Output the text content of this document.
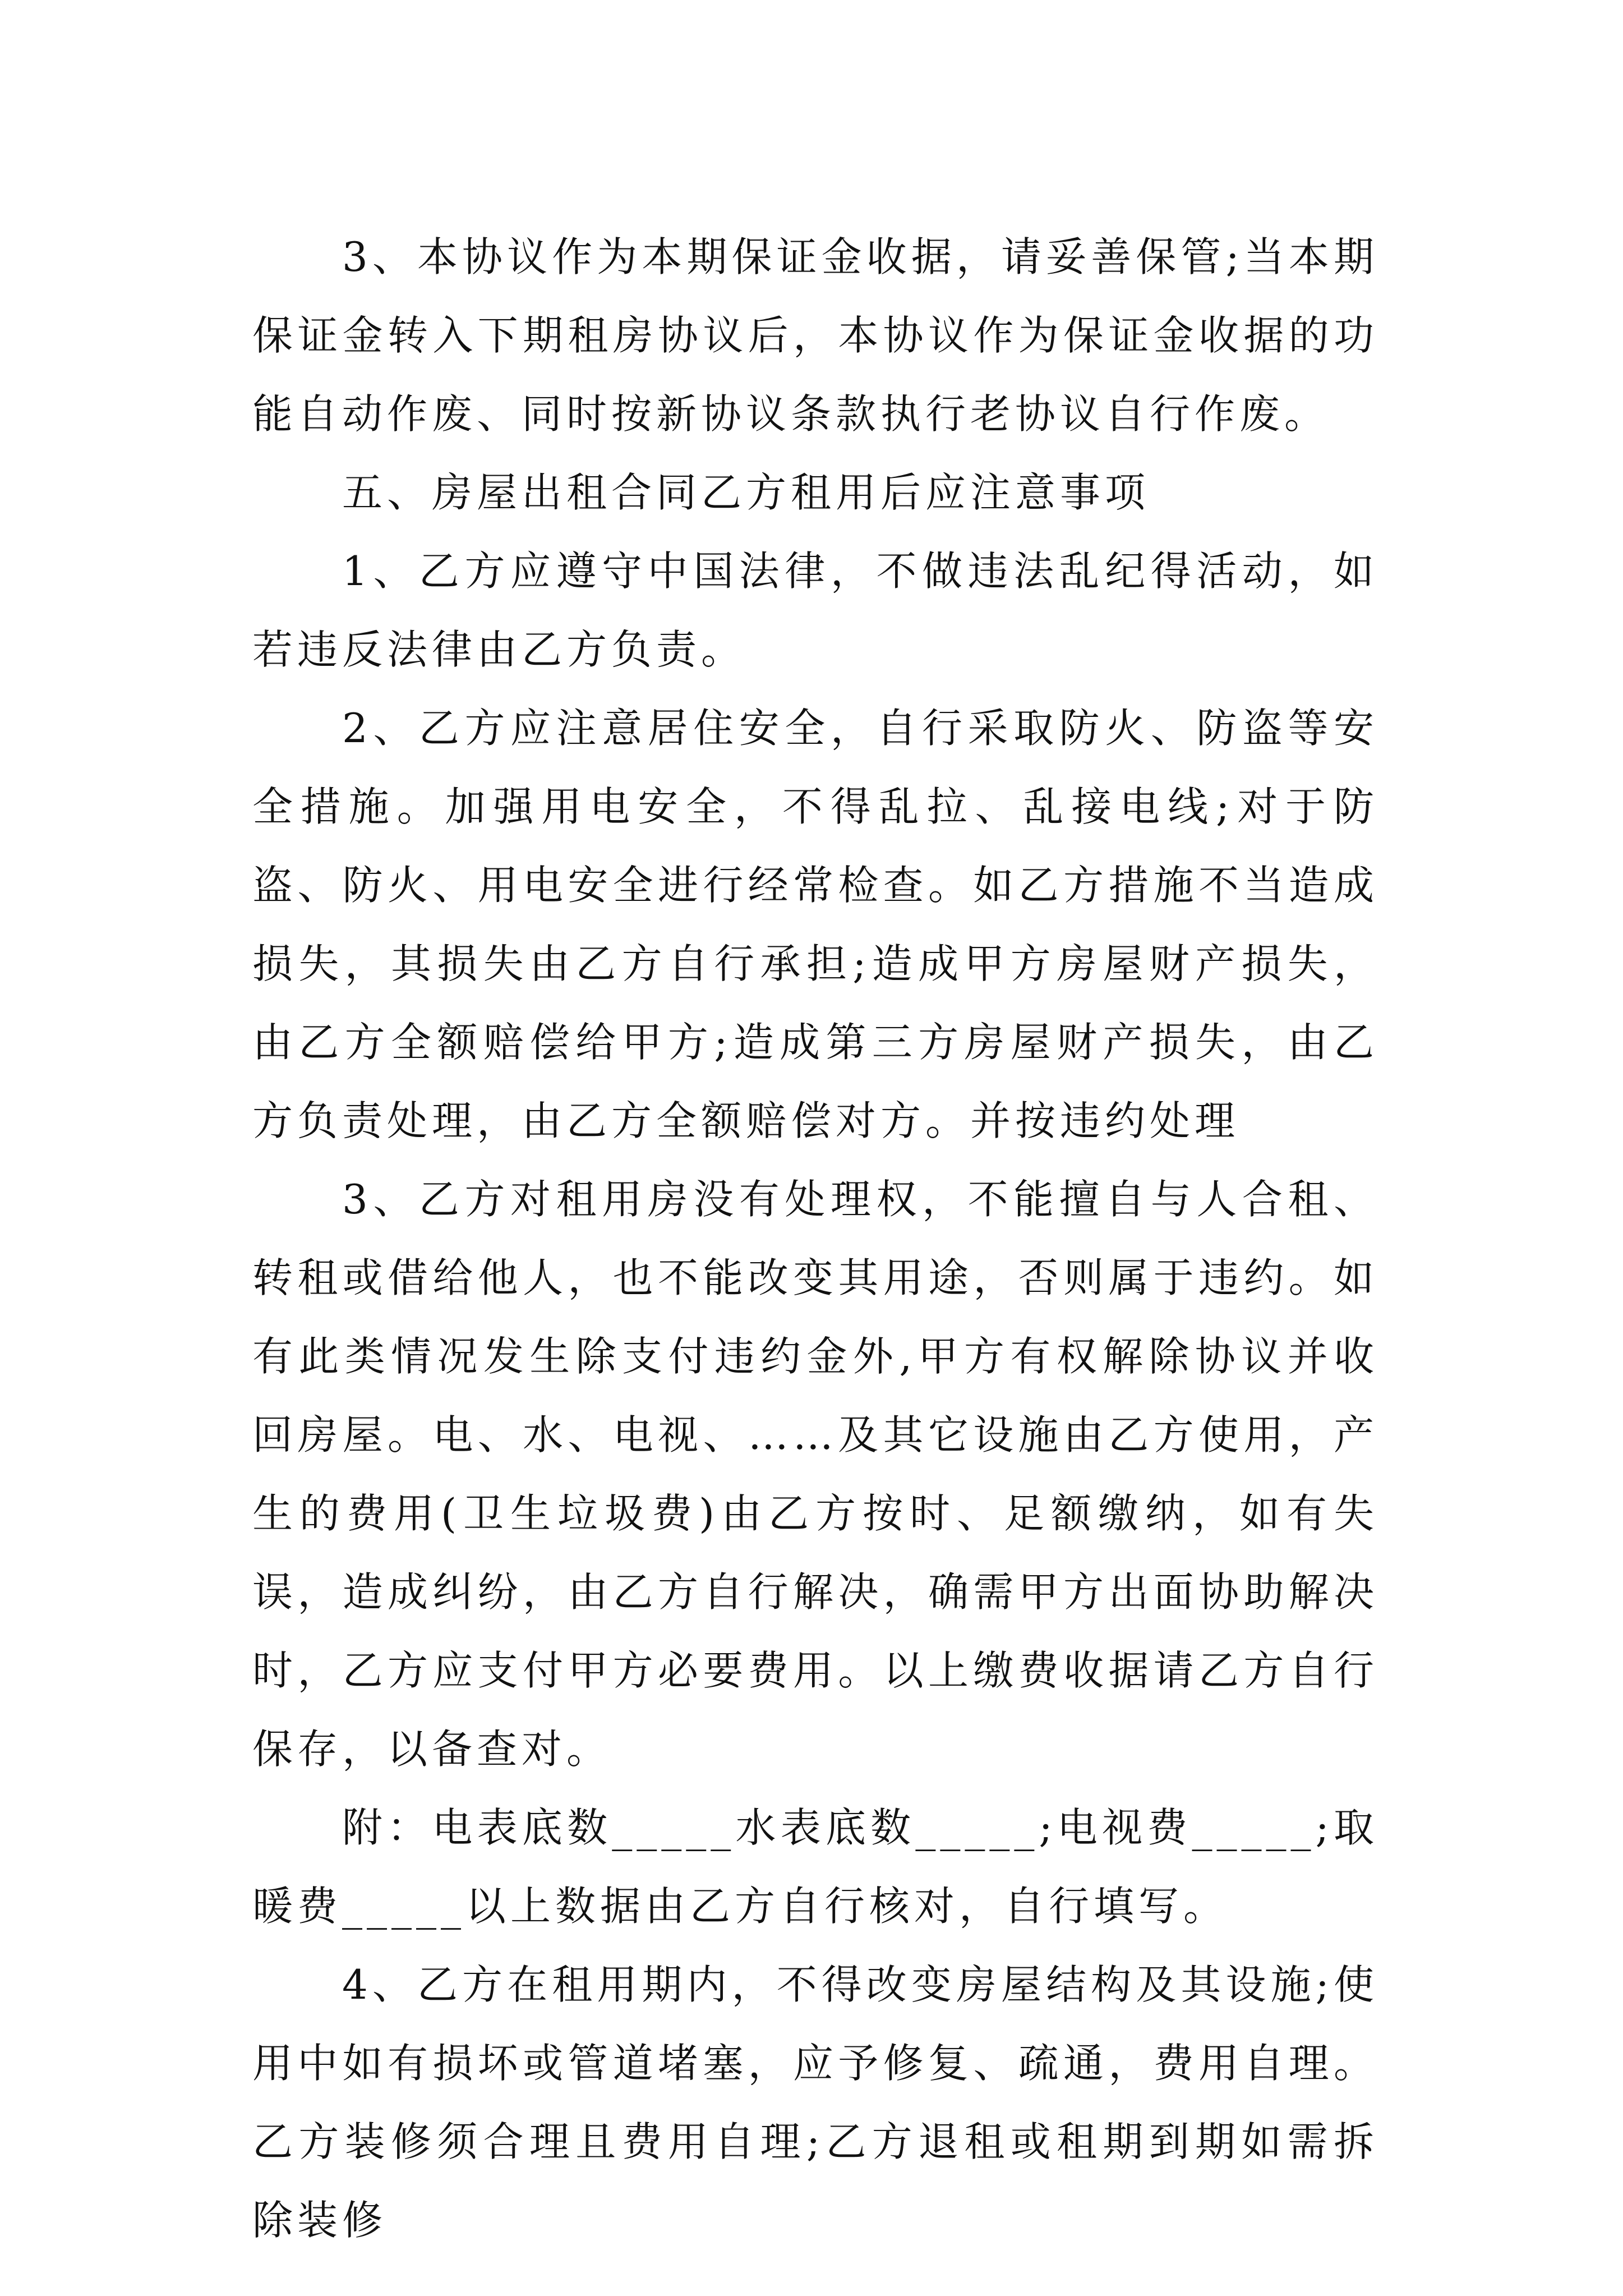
3、本协议作为本期保证金收据，请妥善保管;当本期保证金转入下期租房协议后，本协议作为保证金收据的功能自动作废、同时按新协议条款执行老协议自行作废。

五、房屋出租合同乙方租用后应注意事项

1、乙方应遵守中国法律，不做违法乱纪得活动，如若违反法律由乙方负责。

2、乙方应注意居住安全，自行采取防火、防盗等安全措施。加强用电安全，不得乱拉、乱接电线;对于防盗、防火、用电安全进行经常检查。如乙方措施不当造成损失，其损失由乙方自行承担;造成甲方房屋财产损失，由乙方全额赔偿给甲方;造成第三方房屋财产损失，由乙方负责处理，由乙方全额赔偿对方。并按违约处理

3、乙方对租用房没有处理权，不能擅自与人合租、转租或借给他人，也不能改变其用途，否则属于违约。如有此类情况发生除支付违约金外,甲方有权解除协议并收回房屋。电、水、电视、……及其它设施由乙方使用，产生的费用(卫生垃圾费)由乙方按时、足额缴纳，如有失误，造成纠纷，由乙方自行解决，确需甲方出面协助解决时，乙方应支付甲方必要费用。以上缴费收据请乙方自行保存，以备查对。

附：电表底数_____水表底数_____;电视费_____;取暖费_____以上数据由乙方自行核对，自行填写。

4、乙方在租用期内，不得改变房屋结构及其设施;使用中如有损坏或管道堵塞，应予修复、疏通，费用自理。乙方装修须合理且费用自理;乙方退租或租期到期如需拆除装修
